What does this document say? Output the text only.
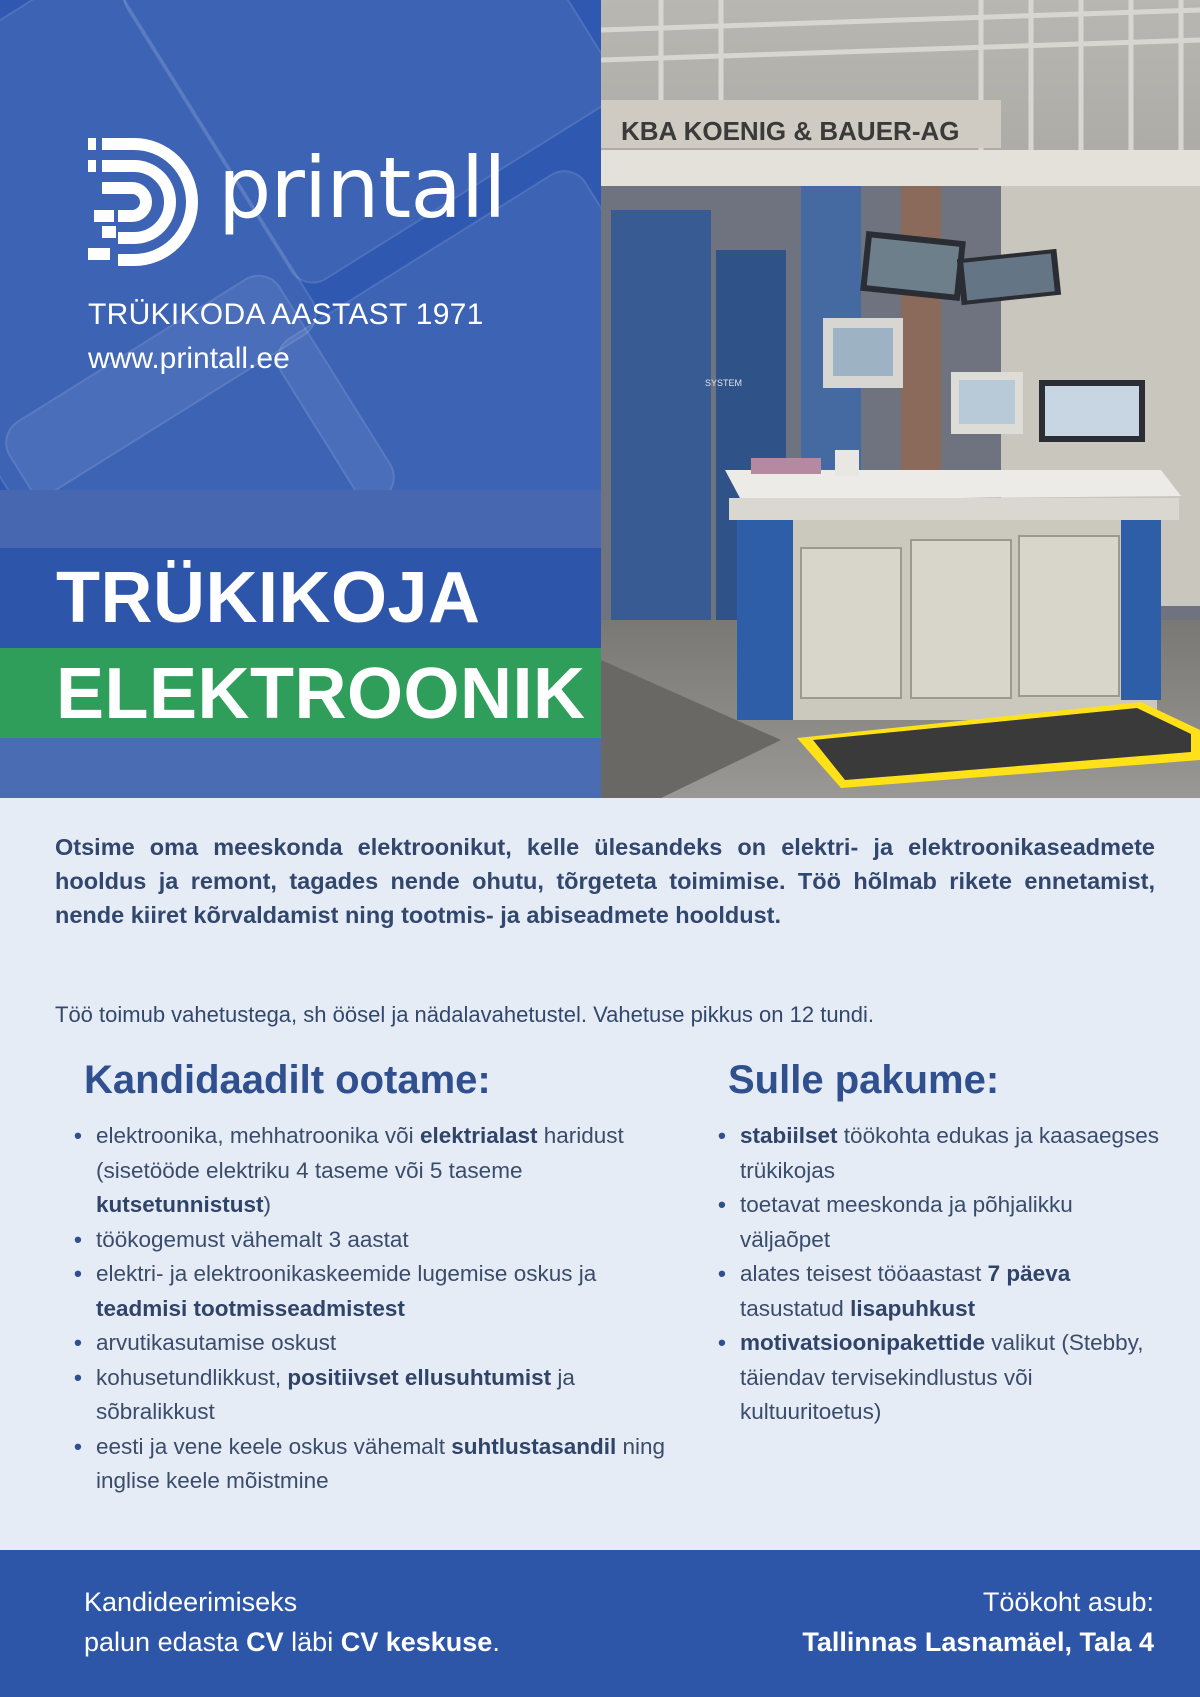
printall
TRÜKIKODA AASTAST 1971
www.printall.ee
TRÜKIKOJA
ELEKTROONIK
KBA KOENIG & BAUER-AG
SYSTEM

Otsime oma meeskonda elektroonikut, kelle ülesandeks on elektri- ja elektroonikaseadmete hooldus ja remont, tagades nende ohutu, tõrgeteta toimimise. Töö hõlmab rikete ennetamist, nende kiiret kõrvaldamist ning tootmis- ja abiseadmete hooldust.

Töö toimub vahetustega, sh öösel ja nädalavahetustel. Vahetuse pikkus on 12 tundi.

Kandidaadilt ootame:
• elektroonika, mehhatroonika või elektrialast haridust (sisetööde elektriku 4 taseme või 5 taseme kutsetunnistust)
• töökogemust vähemalt 3 aastat
• elektri- ja elektroonikaskeemide lugemise oskus ja teadmisi tootmisseadmistest
• arvutikasutamise oskust
• kohusetundlikkust, positiivset ellusuhtumist ja sõbralikkust
• eesti ja vene keele oskus vähemalt suhtlustasandil ning inglise keele mõistmine
Sulle pakume:
• stabiilset töökohta edukas ja kaasaegses trükikojas
• toetavat meeskonda ja põhjalikku väljaõpet
• alates teisest tööaastast 7 päeva tasustatud lisapuhkust
• motivatsioonipakettide valikut (Stebby, täiendav tervisekindlustus või kultuuritoetus)
Kandideerimiseks
palun edasta CV läbi CV keskuse.
Töökoht asub:
Tallinnas Lasnamäel, Tala 4
